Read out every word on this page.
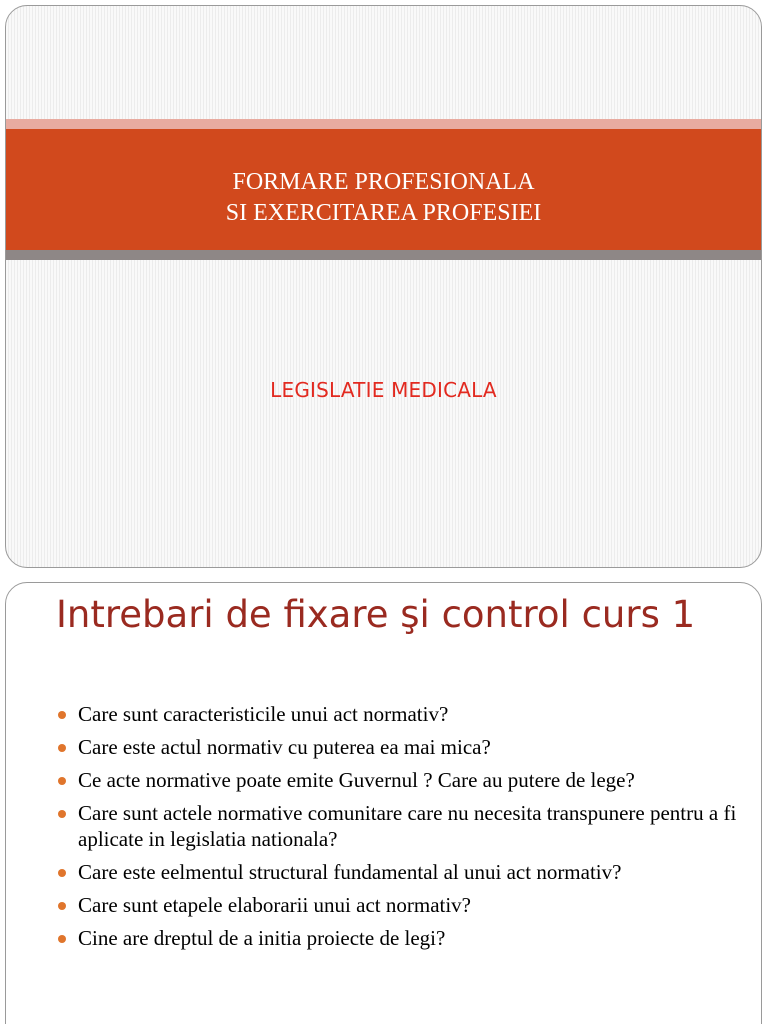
FORMARE PROFESIONALA
SI EXERCITAREA PROFESIEI
LEGISLATIE MEDICALA
Intrebari de fixare şi control curs 1
Care sunt caracteristicile unui act normativ?
Care este actul normativ cu puterea ea mai mica?
Ce acte normative poate emite Guvernul ? Care au putere de lege?
Care sunt actele normative comunitare care nu necesita transpunere pentru a fi aplicate in legislatia nationala?
Care este eelmentul structural fundamental al unui act normativ?
Care sunt etapele elaborarii unui act normativ?
Cine are dreptul de a initia proiecte de legi?
